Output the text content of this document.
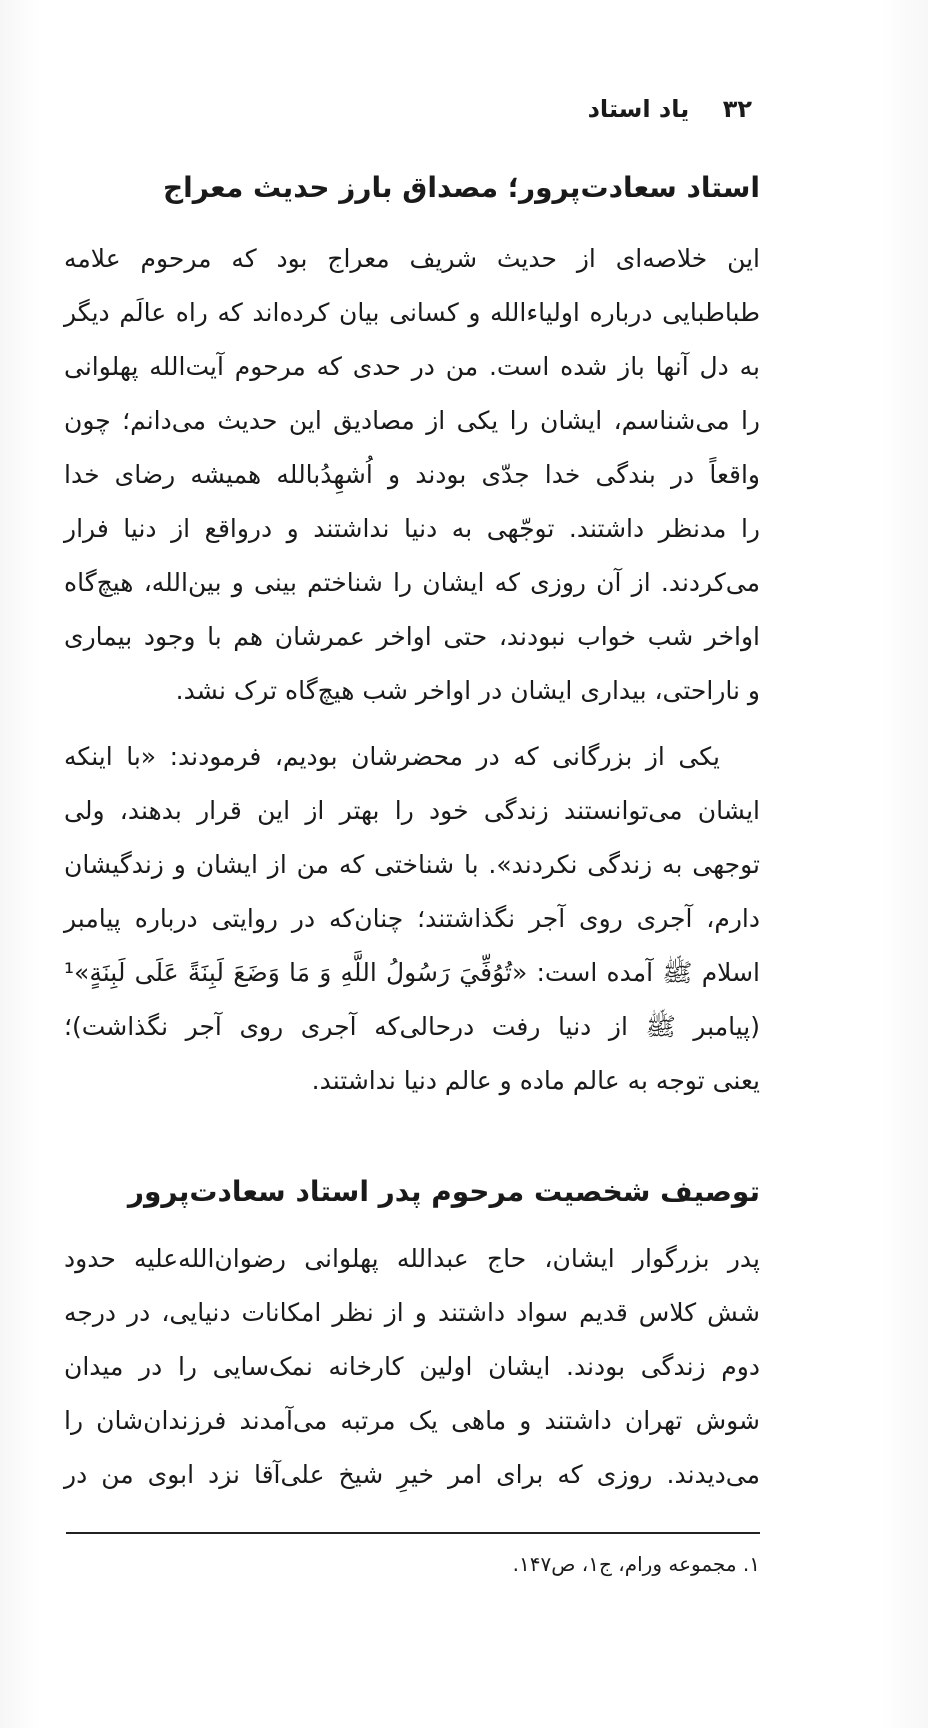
۳۲    یاد استاد
استاد سعادت‌پرور؛ مصداق بارز حدیث معراج
این خلاصه‌ای از حدیث شریف معراج بود که مرحوم علامه
طباطبایی درباره اولیاءالله و کسانی بیان کرده‌اند که راه عالَم دیگر
به دل آنها باز شده است. من در حدی که مرحوم آیت‌الله پهلوانی
را می‌شناسم، ایشان را یکی از مصادیق این حدیث می‌دانم؛ چون
واقعاً در بندگی خدا جدّی بودند و اُشهِدُبالله همیشه رضای خدا
را مدنظر داشتند. توجّهی به دنیا نداشتند و درواقع از دنیا فرار
می‌کردند. از آن روزی که ایشان را شناختم بینی و بین‌الله، هیچ‌گاه
اواخر شب خواب نبودند، حتی اواخر عمرشان هم با وجود بیماری
و ناراحتی، بیداری ایشان در اواخر شب هیچ‌گاه ترک نشد.
یکی از بزرگانی که در محضرشان بودیم، فرمودند: «با اینکه
ایشان می‌توانستند زندگی خود را بهتر از این قرار بدهند، ولی
توجهی به زندگی نکردند». با شناختی که من از ایشان و زندگیشان
دارم، آجری روی آجر نگذاشتند؛ چنان‌که در روایتی درباره پیامبر
اسلام ﷺ آمده است: «تُوُفِّيَ رَسُولُ اللَّهِ وَ مَا وَضَعَ لَبِنَةً عَلَى لَبِنَةٍ»¹
(پیامبر ﷺ از دنیا رفت درحالی‌که آجری روی آجر نگذاشت)؛
یعنی توجه به عالم ماده و عالم دنیا نداشتند.
توصیف شخصیت مرحوم پدر استاد سعادت‌پرور
پدر بزرگوار ایشان، حاج عبدالله پهلوانی رضوان‌الله‌علیه حدود
شش کلاس قدیم سواد داشتند و از نظر امکانات دنیایی، در درجه
دوم زندگی بودند. ایشان اولین کارخانه نمک‌سایی را در میدان
شوش تهران داشتند و ماهی یک مرتبه می‌آمدند فرزندان‌شان را
می‌دیدند. روزی که برای امر خیرِ شیخ علی‌آقا نزد ابوی من در
۱. مجموعه ورام، ج۱، ص۱۴۷.
